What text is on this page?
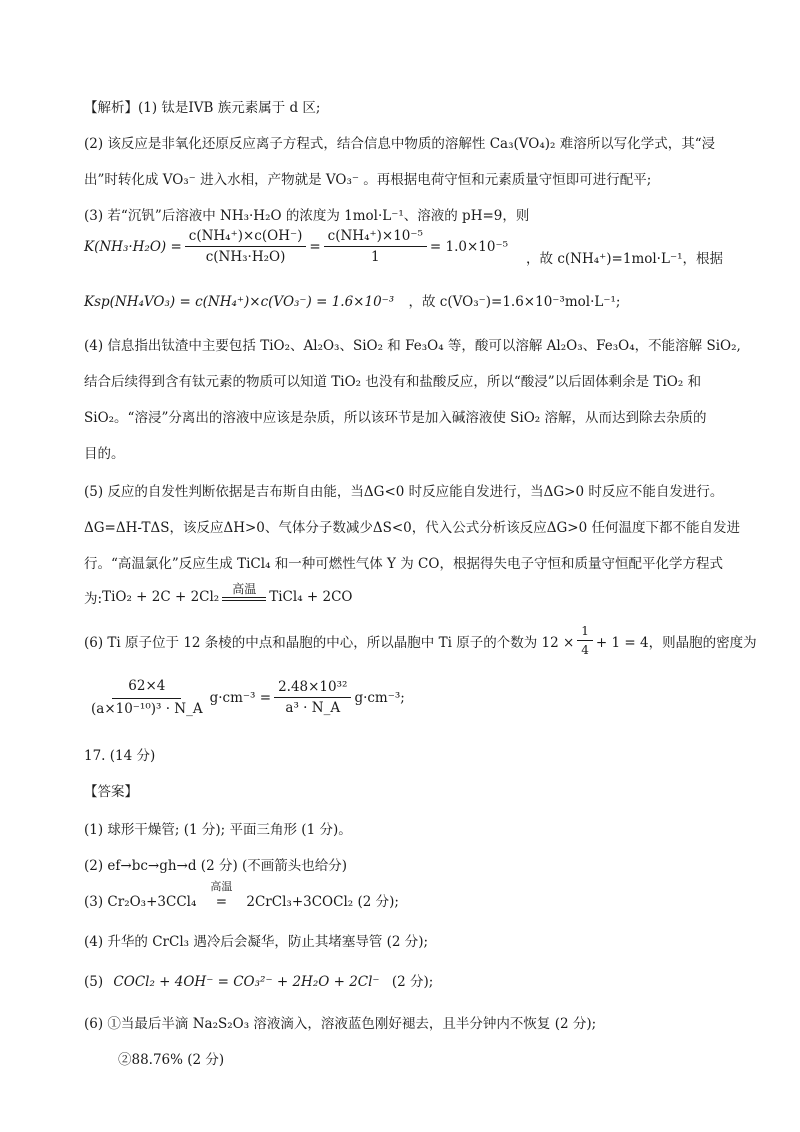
【解析】(1) 钛是IVB 族元素属于 d 区;
(2) 该反应是非氧化还原反应离子方程式，结合信息中物质的溶解性 Ca₃(VO₄)₂ 难溶所以写化学式，其“浸
出”时转化成 VO₃⁻ 进入水相，产物就是 VO₃⁻ 。再根据电荷守恒和元素质量守恒即可进行配平;
(3) 若“沉钒”后溶液中 NH₃·H₂O 的浓度为 1mol·L⁻¹、溶液的 pH=9，则
$K(NH_3\cdot H_2O) = \frac{\text{c(NH₄⁺)×c(OH⁻)}}{\text{c(NH₃·H₂O)}} = \frac{\text{c(NH₄⁺)×10⁻⁵}}{1} = 1.0\times 10^{-5}$
，故 c(NH₄⁺)=1mol·L⁻¹，根据
Ksp(NH₄VO₃) = c(NH₄⁺)×c(VO₃⁻) = 1.6×10⁻³ ，故 c(VO₃⁻)=1.6×10⁻³mol·L⁻¹;
(4) 信息指出钛渣中主要包括 TiO₂、Al₂O₃、SiO₂ 和 Fe₃O₄ 等，酸可以溶解 Al₂O₃、Fe₃O₄，不能溶解 SiO₂,
结合后续得到含有钛元素的物质可以知道 TiO₂ 也没有和盐酸反应，所以“酸浸”以后固体剩余是 TiO₂ 和
SiO₂。“溶浸”分离出的溶液中应该是杂质，所以该环节是加入碱溶液使 SiO₂ 溶解，从而达到除去杂质的
目的。
(5) 反应的自发性判断依据是吉布斯自由能，当ΔG<0 时反应能自发进行，当ΔG>0 时反应不能自发进行。
ΔG=ΔH-TΔS，该反应ΔH>0、气体分子数减少ΔS<0，代入公式分析该反应ΔG>0 任何温度下都不能自发进
行。“高温氯化”反应生成 TiCl₄ 和一种可燃性气体 Y 为 CO，根据得失电子守恒和质量守恒配平化学方程式
为: TiO₂ + 2C + 2Cl₂ 高温 TiCl₄ + 2CO
(6) Ti 原子位于 12 条棱的中点和晶胞的中心，所以晶胞中 Ti 原子的个数为 $12 \times \frac{1}{4} + 1 = 4$，则晶胞的密度为
$\frac{62\times 4}{\text{(a×10⁻¹⁰)³ · N\_A}} g\cdot cm^{-3} = \frac{\text{2.48×10³²}}{\text{a³ · N\_A}} g\cdot cm^{-3}$;
17. (14 分)
【答案】
(1) 球形干燥管; (1 分); 平面三角形 (1 分)。
(2) ef→bc→gh→d (2 分) (不画箭头也给分)
(3) Cr₂O₃+3CCl₄
高温
= 2CrCl₃+3COCl₂ (2 分);
(4) 升华的 CrCl₃ 遇冷后会凝华，防止其堵塞导管 (2 分);
(5) COCl₂ + 4OH⁻ = CO₃²⁻ + 2H₂O + 2Cl⁻ (2 分);
(6) ①当最后半滴 Na₂S₂O₃ 溶液滴入，溶液蓝色刚好褪去，且半分钟内不恢复 (2 分);
②88.76% (2 分)
